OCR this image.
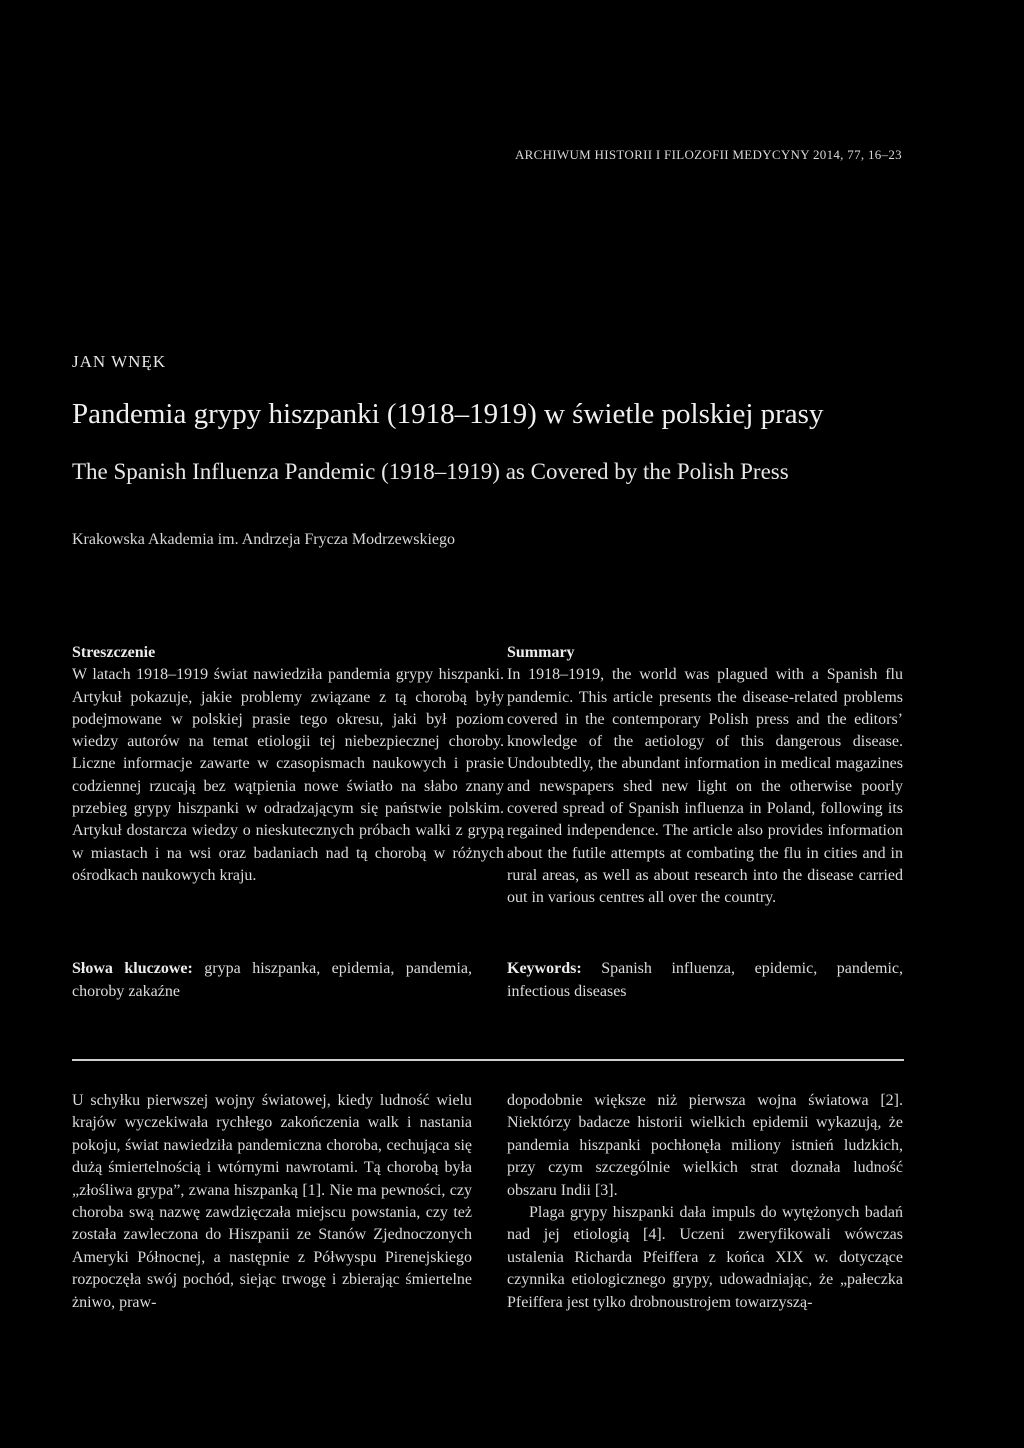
ARCHIWUM HISTORII I FILOZOFII MEDYCYNY 2014, 77, 16–23
JAN WNĘK
Pandemia grypy hiszpanki (1918–1919) w świetle polskiej prasy
The Spanish Influenza Pandemic (1918–1919) as Covered by the Polish Press
Krakowska Akademia im. Andrzeja Frycza Modrzewskiego
Streszczenie
W latach 1918–1919 świat nawiedziła pandemia grypy hiszpanki. Artykuł pokazuje, jakie problemy związane z tą chorobą były podejmowane w polskiej prasie tego okresu, jaki był poziom wiedzy autorów na temat etiologii tej niebezpiecznej choroby. Liczne informacje zawarte w czasopismach naukowych i prasie codziennej rzucają bez wątpienia nowe światło na słabo znany przebieg grypy hiszpanki w odradzającym się państwie polskim. Artykuł dostarcza wiedzy o nieskutecznych próbach walki z grypą w miastach i na wsi oraz badaniach nad tą chorobą w różnych ośrodkach naukowych kraju.
Summary
In 1918–1919, the world was plagued with a Spanish flu pandemic. This article presents the disease-related problems covered in the contemporary Polish press and the editors’ knowledge of the aetiology of this dangerous disease. Undoubtedly, the abundant information in medical magazines and newspapers shed new light on the otherwise poorly covered spread of Spanish influenza in Poland, following its regained independence. The article also provides information about the futile attempts at combating the flu in cities and in rural areas, as well as about research into the disease carried out in various centres all over the country.
Słowa kluczowe: grypa hiszpanka, epidemia, pandemia, choroby zakaźne
Keywords: Spanish influenza, epidemic, pandemic, infectious diseases

U schyłku pierwszej wojny światowej, kiedy ludność wielu krajów wyczekiwała rychłego zakończenia walk i nastania pokoju, świat nawiedziła pandemiczna choroba, cechująca się dużą śmiertelnością i wtórnymi nawrotami. Tą chorobą była „złośliwa grypa”, zwana hiszpanką [1]. Nie ma pewności, czy choroba swą nazwę zawdzięczała miejscu powstania, czy też została zawleczona do Hiszpanii ze Stanów Zjednoczonych Ameryki Północnej, a następnie z Półwyspu Pirenejskiego rozpoczęła swój pochód, siejąc trwogę i zbierając śmiertelne żniwo, praw-

dopodobnie większe niż pierwsza wojna światowa [2]. Niektórzy badacze historii wielkich epidemii wykazują, że pandemia hiszpanki pochłonęła miliony istnień ludzkich, przy czym szczególnie wielkich strat doznała ludność obszaru Indii [3].

Plaga grypy hiszpanki dała impuls do wytężonych badań nad jej etiologią [4]. Uczeni zweryfikowali wówczas ustalenia Richarda Pfeiffera z końca XIX w. dotyczące czynnika etiologicznego grypy, udowadniając, że „pałeczka Pfeiffera jest tylko drobnoustrojem towarzyszą-
